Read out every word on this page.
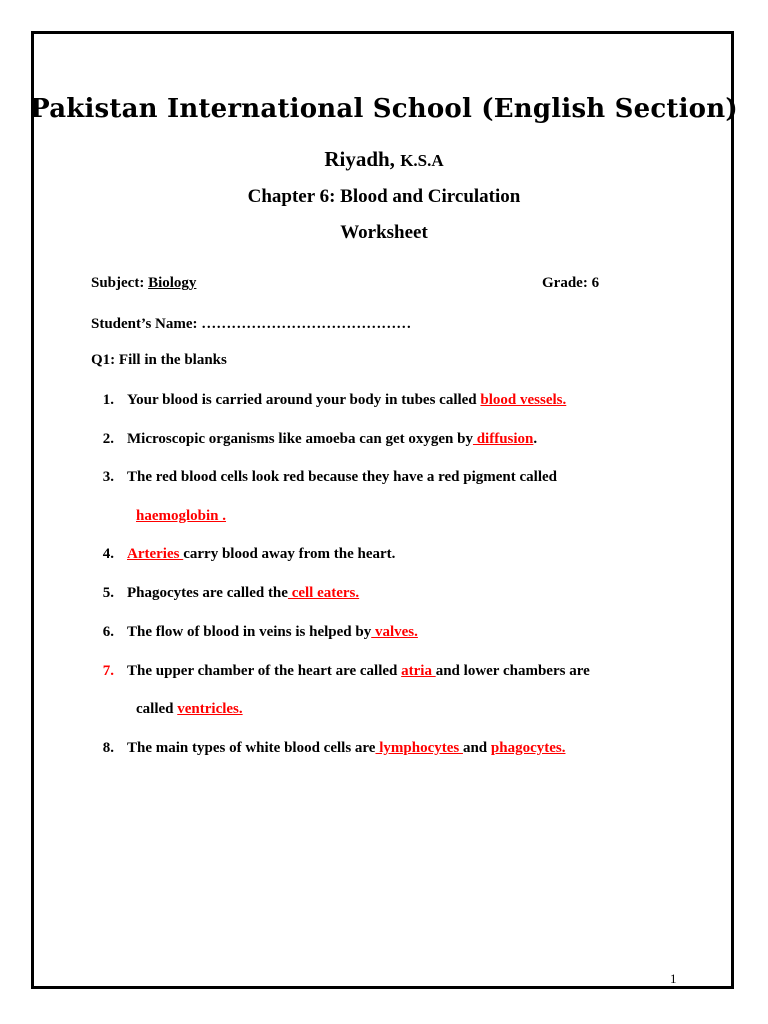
Pakistan International School (English Section)
Riyadh, K.S.A
Chapter 6: Blood and Circulation
Worksheet
Subject: Biology	Grade: 6
Student’s Name: ……………………………………
Q1: Fill in the blanks
1. Your blood is carried around your body in tubes called blood vessels.
2. Microscopic organisms like amoeba can get oxygen by diffusion.
3. The red blood cells look red because they have a red pigment called
haemoglobin .
4. Arteries carry blood away from the heart.
5. Phagocytes are called the cell eaters.
6. The flow of blood in veins is helped by valves.
7. The upper chamber of the heart are called atria and lower chambers are
called ventricles.
8. The main types of white blood cells are lymphocytes and phagocytes.
1
